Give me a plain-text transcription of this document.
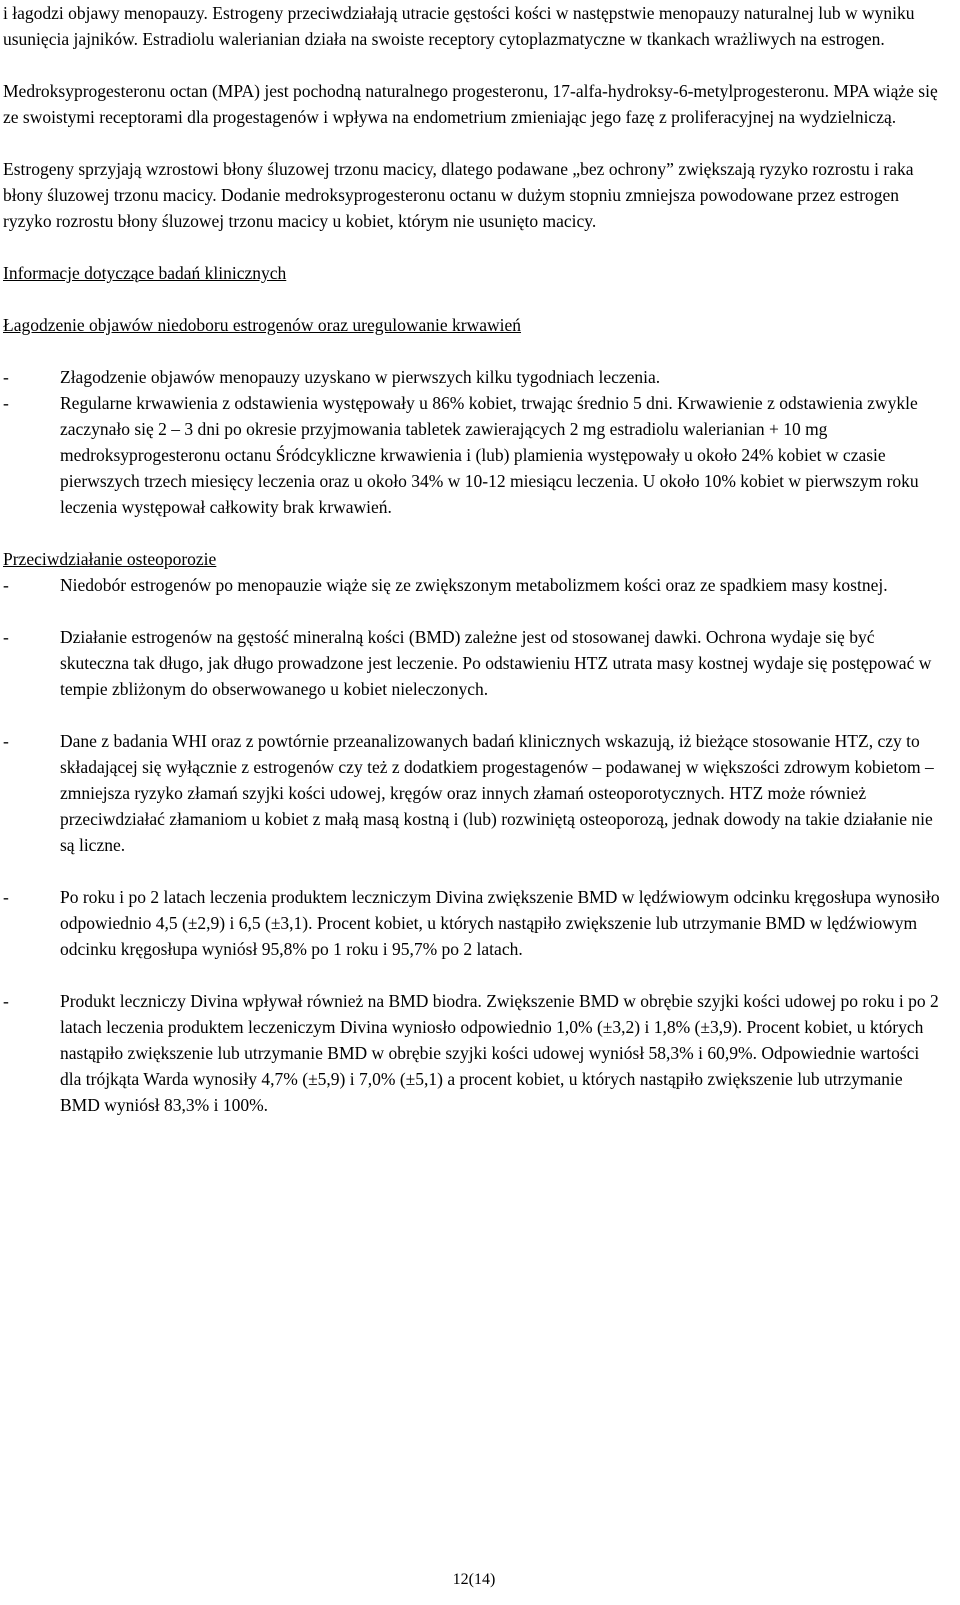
i łagodzi objawy menopauzy. Estrogeny przeciwdziałają utracie gęstości kości w następstwie menopauzy naturalnej lub w wyniku usunięcia jajników. Estradiolu walerianian działa na swoiste receptory cytoplazmatyczne w tkankach wrażliwych na estrogen.

Medroksyprogesteronu octan (MPA) jest pochodną naturalnego progesteronu, 17-alfa-hydroksy-6-metylprogesteronu. MPA wiąże się ze swoistymi receptorami dla progestagenów i wpływa na endometrium zmieniając jego fazę z proliferacyjnej na wydzielniczą.

Estrogeny sprzyjają wzrostowi błony śluzowej trzonu macicy, dlatego podawane „bez ochrony” zwiększają ryzyko rozrostu i raka błony śluzowej trzonu macicy. Dodanie medroksyprogesteronu octanu w dużym stopniu zmniejsza powodowane przez estrogen ryzyko rozrostu błony śluzowej trzonu macicy u kobiet, którym nie usunięto macicy.

Informacje dotyczące badań klinicznych

Łagodzenie objawów niedoboru estrogenów oraz uregulowanie krwawień

-	Złagodzenie objawów menopauzy uzyskano w pierwszych kilku tygodniach leczenia.
-	Regularne krwawienia z odstawienia występowały u 86% kobiet, trwając średnio 5 dni. Krwawienie z odstawienia zwykle zaczynało się 2 – 3 dni po okresie przyjmowania tabletek zawierających 2 mg estradiolu walerianian + 10 mg medroksyprogesteronu octanu Śródcykliczne krwawienia i (lub) plamienia występowały u około 24% kobiet w czasie pierwszych trzech miesięcy leczenia oraz u około 34% w 10-12 miesiącu leczenia. U około 10% kobiet w pierwszym roku leczenia występował całkowity brak krwawień.

Przeciwdziałanie osteoporozie

-	Niedobór estrogenów po menopauzie wiąże się ze zwiększonym metabolizmem kości oraz ze spadkiem masy kostnej.
-	Działanie estrogenów na gęstość mineralną kości (BMD) zależne jest od stosowanej dawki. Ochrona wydaje się być skuteczna tak długo, jak długo prowadzone jest leczenie. Po odstawieniu HTZ utrata masy kostnej wydaje się postępować w tempie zbliżonym do obserwowanego u kobiet nieleczonych.
-	Dane z badania WHI oraz z powtórnie przeanalizowanych badań klinicznych wskazują, iż bieżące stosowanie HTZ, czy to składającej się wyłącznie z estrogenów czy też z dodatkiem progestagenów – podawanej w większości zdrowym kobietom – zmniejsza ryzyko złamań szyjki kości udowej, kręgów oraz innych złamań osteoporotycznych. HTZ może również przeciwdziałać złamaniom u kobiet z małą masą kostną i (lub) rozwiniętą osteoporozą, jednak dowody na takie działanie nie są liczne.
-	Po roku i po 2 latach leczenia produktem leczniczym Divina zwiększenie BMD w lędźwiowym odcinku kręgosłupa wynosiło odpowiednio 4,5 (±2,9) i 6,5 (±3,1). Procent kobiet, u których nastąpiło zwiększenie lub utrzymanie BMD w lędźwiowym odcinku kręgosłupa wyniósł 95,8% po 1 roku i 95,7% po 2 latach.
-	Produkt leczniczy Divina wpływał również na BMD biodra. Zwiększenie BMD w obrębie szyjki kości udowej po roku i po 2 latach leczenia produktem leczeniczym Divina wyniosło odpowiednio 1,0% (±3,2) i 1,8% (±3,9). Procent kobiet, u których nastąpiło zwiększenie lub utrzymanie BMD w obrębie szyjki kości udowej wyniósł 58,3% i 60,9%. Odpowiednie wartości dla trójkąta Warda wynosiły 4,7% (±5,9) i 7,0% (±5,1) a procent kobiet, u których nastąpiło zwiększenie lub utrzymanie BMD wyniósł 83,3% i 100%.
12(14)
